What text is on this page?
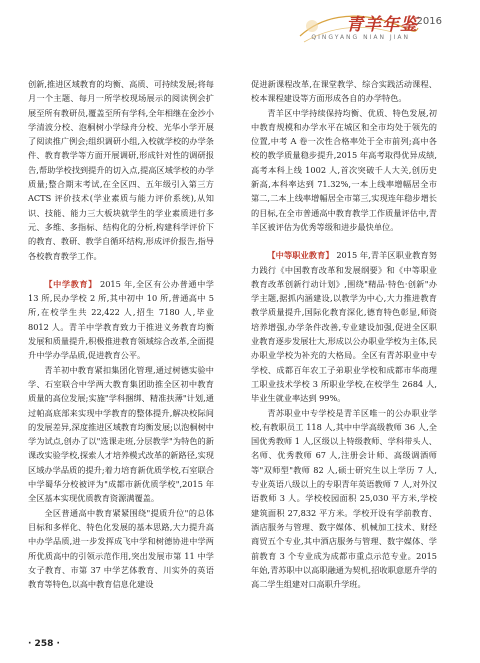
青羊年鉴
2016
QINGYANG NIAN JIAN

创新,推进区域教育的均衡、高质、可持续发展;将每月一个主题、每月一所学校现场展示的阅读例会扩展至所有教研员,覆盖至所有学科,全年相继在金沙小学清波分校、泡桐树小学绿舟分校、光华小学开展了阅读推广例会;组织调研小组,入校就学校的办学条件、教育教学等方面开展调研,形成针对性的调研报告,帮助学校找到提升的切入点,提高区域学校的办学质量;整合期末考试,在全区四、五年级引入第三方 ACTS 评价技术(学业素质与能力评价系统),从知识、技能、能力三大板块就学生的学业素质进行多元、多维、多指标、结构化的分析,构建科学评价下的教育、教研、教学自循环结构,形成评价报告,指导各校教育教学工作。

【中学教育】 2015 年,全区有公办普通中学 13 所,民办学校 2 所,其中初中 10 所,普通高中 5 所,在校学生共 22,422 人,招生 7180 人,毕业 8012 人。青羊中学教育致力于推进义务教育均衡发展和质量提升,积极推进教育领域综合改革,全面提升中学办学品质,促进教育公平。

青羊初中教育紧扣集团化管理,通过树德实验中学、石室联合中学两大教育集团助推全区初中教育质量的高位发展;实施"学科捆绑、精准扶薄"计划,通过帕高底部来实现中学教育的整体提升,解决校际间的发展差异,深度推进区域教育均衡发展;以泡桐树中学为试点,创办了以"选课走班,分层教学"为特色的新课改实验学校,探索人才培养模式改革的新路径,实现区域办学品质的提升;着力培育新优质学校,石室联合中学蜀华分校被评为"成都市新优质学校",2015 年全区基本实现优质教育资源满覆盖。

全区普通高中教育紧紧围绕"提质升位"的总体目标和多样化、特色化发展的基本思路,大力提升高中办学品质,进一步发挥成飞中学和树德协进中学两所优质高中的引领示范作用,突出发展市第 11 中学女子教育、市第 37 中学艺体教育、川实外的英语教育等特色,以高中教育信息化建设

促进新课程改革,在课堂教学、综合实践活动课程、校本课程建设等方面形成各自的办学特色。

青羊区中学持续保持均衡、优质、特色发展,初中教育规模和办学水平在城区和全市均处于领先的位置,中考 A 卷一次性合格率处于全市前列;高中各校的教学质量稳步提升,2015 年高考取得优异成绩,高考本科上线 1002 人,首次突破千人大关,创历史新高,本科率达到 71.32%,一本上线率增幅居全市第二,二本上线率增幅居全市第三,实现连年稳步增长的目标,在全市普通高中教育教学工作质量评估中,青羊区被评估为优秀等级和进步最快单位。

【中等职业教育】 2015 年,青羊区职业教育努力践行《中国教育改革和发展纲要》和《中等职业教育改革创新行动计划》,围绕"精品·特色·创新"办学主题,据抓内涵建设,以教学为中心,大力推进教育教学质量提升,国际化教育深化,德育特色彰显,师资培养增强,办学条件改善,专业建设加强,促进全区职业教育逐步发展壮大,形成以公办职业学校为主体,民办职业学校为补充的大格局。全区有青苏职业中专学校、成都百年农工子弟职业学校和成都市华商理工职业技术学校 3 所职业学校,在校学生 2684 人,毕业生就业率达到 99%。

青苏职业中专学校是青羊区唯一的公办职业学校,有教职员工 118 人,其中中学高级教师 36 人,全国优秀教师 1 人,区级以上特级教师、学科带头人、名师、优秀教师 67 人,注册会计师、高级调酒师等"双师型"教师 82 人,硕士研究生以上学历 7 人,专业英语八级以上的专职青年英语教师 7 人,对外汉语教师 3 人。学校校园面积 25,030 平方米,学校建筑面积 27,832 平方米。学校开设有学前教育、酒店服务与管理、数字媒体、机械加工技术、财经商贸五个专业,其中酒店服务与管理、数字媒体、学前教育 3 个专业成为成都市重点示范专业。2015 年始,青苏职中以高职融通为契机,招收职意愿升学的高二学生组建对口高职升学班。

· 258 ·
